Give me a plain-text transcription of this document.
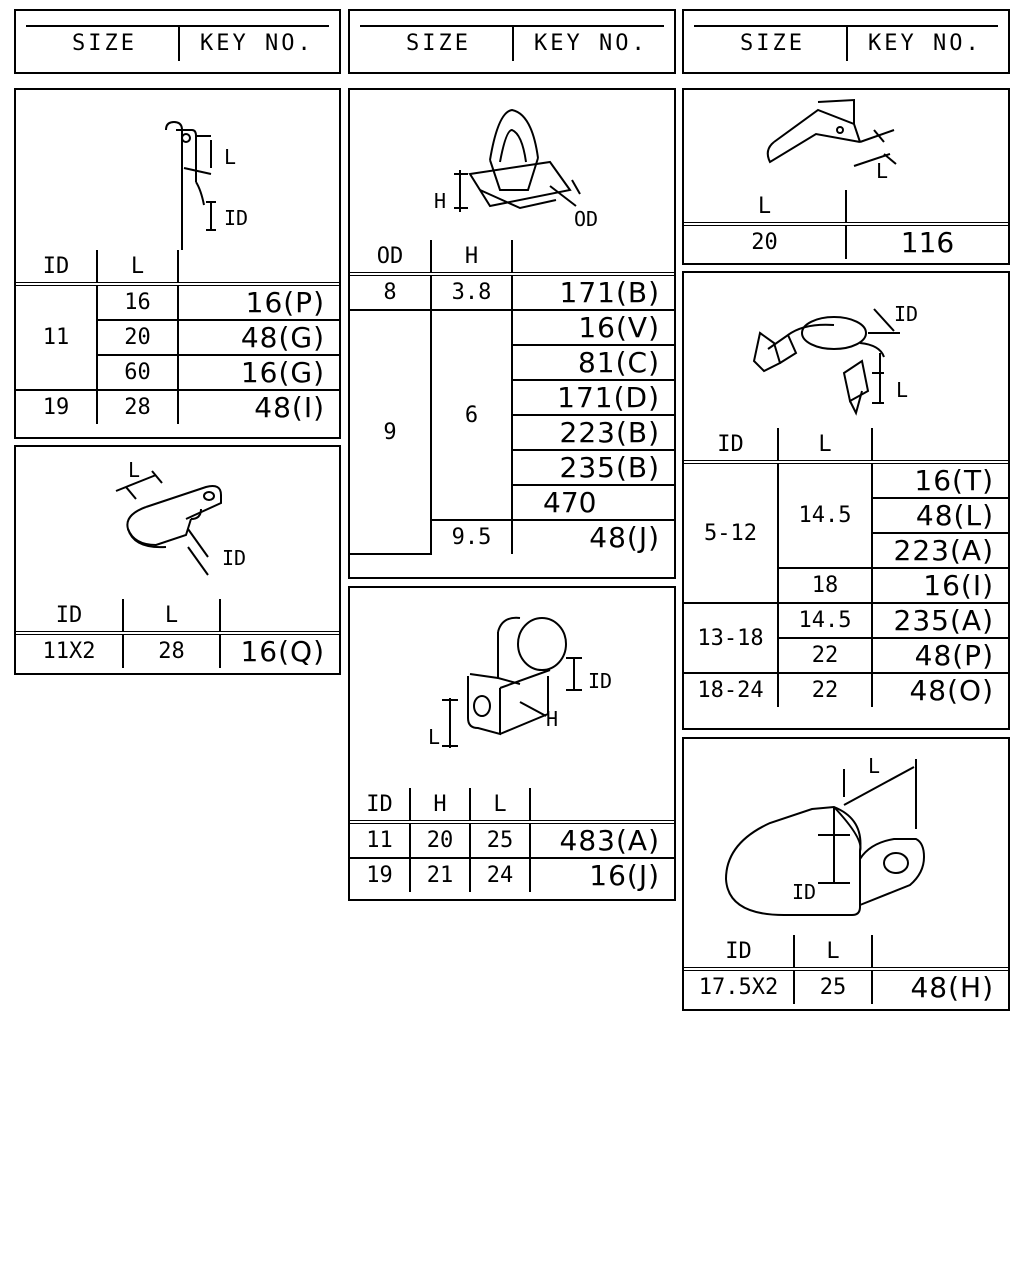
SIZE	KEY NO.	SIZE	KEY NO.	SIZE	KEY NO.
L
ID
ID	L	
11	16	16(P)
	20	48(G)
	60	16(G)
19	28	48(I)
L
ID
ID	L	
11X2	28	16(Q)
H
OD
OD	H	
8	3.8	171(B)
9	6	16(V)
		81(C)
		171(D)
		223(B)
		235(B)
		470
	9.5	48(J)
L
ID
H
ID	H	L	
11	20	25	483(A)
19	21	24	16(J)
L
L	
20	116
ID
L
ID	L	
5-12	14.5	16(T)
		48(L)
		223(A)
	18	16(I)
13-18	14.5	235(A)
	22	48(P)
18-24	22	48(O)
L
ID
ID	L	
17.5X2	25	48(H)
